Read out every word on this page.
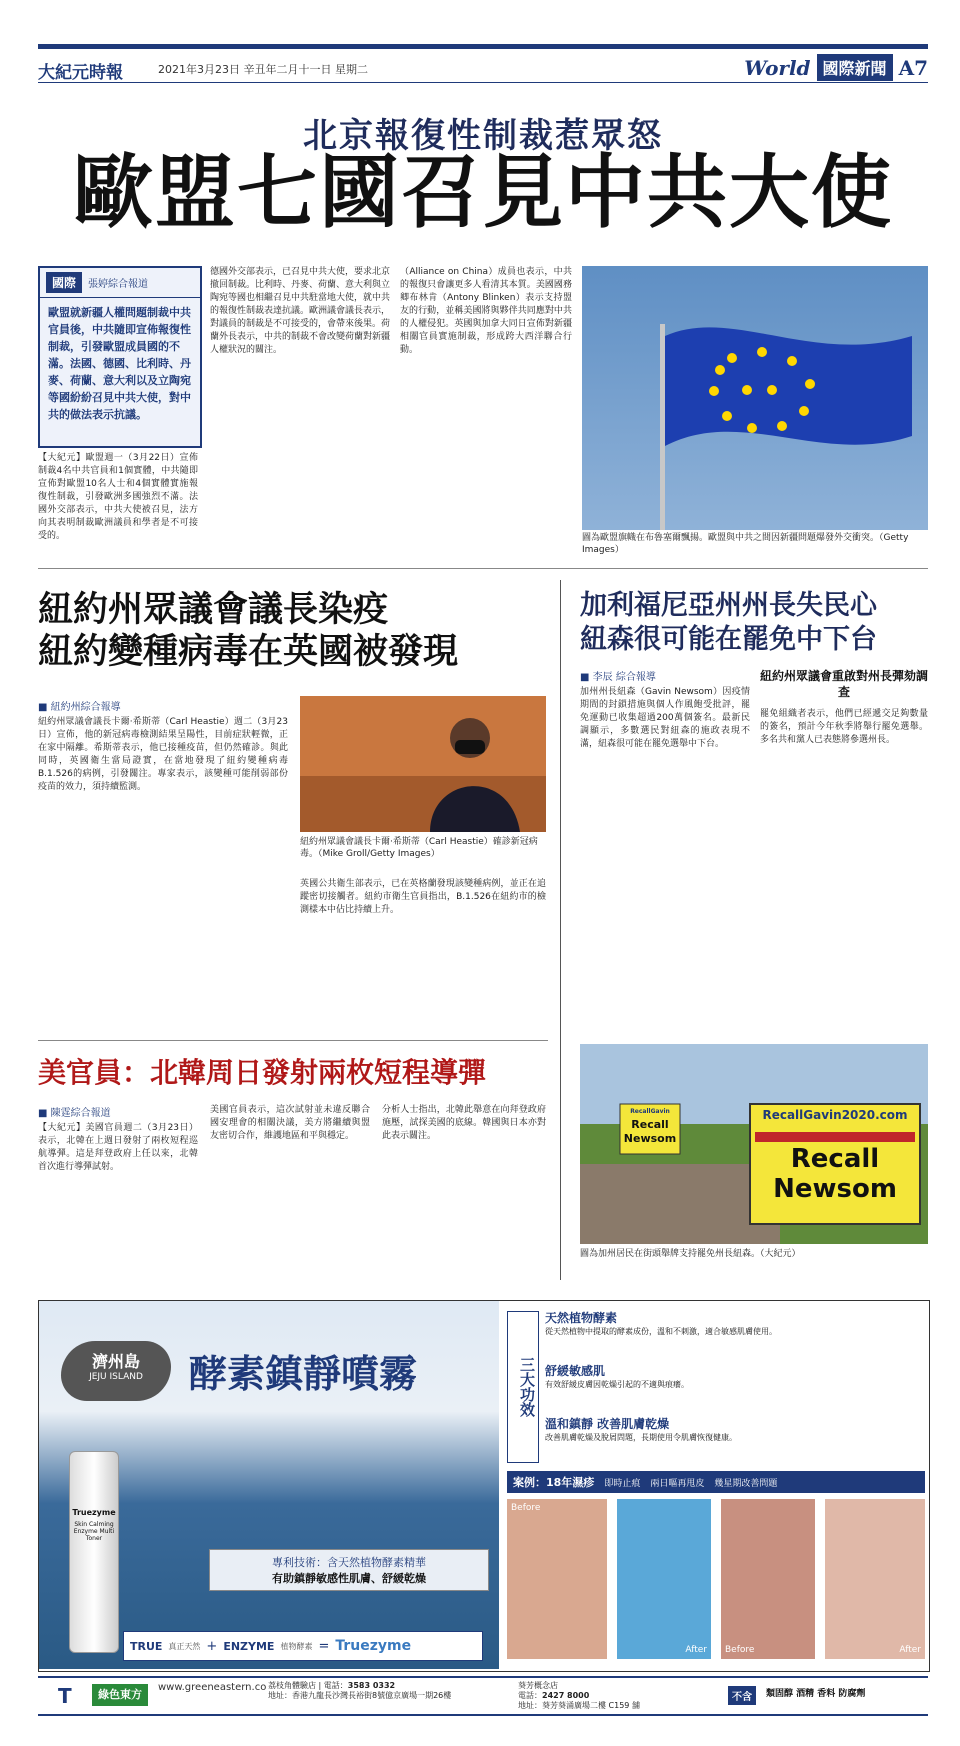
大紀元時報	2021年3月23日 辛丑年二月十一日 星期二	World 國際新聞 A7
北京報復性制裁惹眾怒
歐盟七國召見中共大使
國際	張婷綜合報道
歐盟就新疆人權問題制裁中共官員後，中共隨即宣佈報復性制裁，引發歐盟成員國的不滿。法國、德國、比利時、丹麥、荷蘭、意大利以及立陶宛等國紛紛召見中共大使，對中共的做法表示抗議。
【大紀元】歐盟週一（3月22日）宣佈制裁4名中共官員和1個實體，中共隨即宣佈對歐盟10名人士和4個實體實施報復性制裁，引發歐洲多國強烈不滿。法國外交部表示，中共大使被召見，法方向其表明制裁歐洲議員和學者是不可接受的。
德國外交部表示，已召見中共大使，要求北京撤回制裁。比利時、丹麥、荷蘭、意大利與立陶宛等國也相繼召見中共駐當地大使，就中共的報復性制裁表達抗議。歐洲議會議長表示，對議員的制裁是不可接受的，會帶來後果。荷蘭外長表示，中共的制裁不會改變荷蘭對新疆人權狀況的關注。
（Alliance on China）成員也表示，中共的報復只會讓更多人看清其本質。美國國務卿布林肯（Antony Blinken）表示支持盟友的行動，並稱美國將與夥伴共同應對中共的人權侵犯。英國與加拿大同日宣佈對新疆相關官員實施制裁，形成跨大西洋聯合行動。
圖為歐盟旗幟在布魯塞爾飄揚。歐盟與中共之間因新疆問題爆發外交衝突。（Getty Images）
紐約州眾議會議長染疫
紐約變種病毒在英國被發現
■ 紐約州綜合報導
紐約州眾議會議長卡爾·希斯蒂（Carl Heastie）週二（3月23日）宣佈，他的新冠病毒檢測結果呈陽性，目前症狀輕微，正在家中隔離。希斯蒂表示，他已接種疫苗，但仍然確診。與此同時，英國衛生當局證實，在當地發現了紐約變種病毒B.1.526的病例，引發關注。專家表示，該變種可能削弱部份疫苗的效力，須持續監測。
紐約州眾議會議長卡爾·希斯蒂（Carl Heastie）確診新冠病毒。（Mike Groll/Getty Images）
英國公共衛生部表示，已在英格蘭發現該變種病例，並正在追蹤密切接觸者。紐約市衛生官員指出，B.1.526在紐約市的檢測樣本中佔比持續上升。
加利福尼亞州州長失民心
紐森很可能在罷免中下台
■ 李辰 綜合報導
加州州長紐森（Gavin Newsom）因疫情期間的封鎖措施與個人作風飽受批評，罷免運動已收集超過200萬個簽名。最新民調顯示，多數選民對紐森的施政表現不滿，紐森很可能在罷免選舉中下台。
紐約州眾議會重啟對州長彈劾調查
罷免組織者表示，他們已經遞交足夠數量的簽名，預計今年秋季將舉行罷免選舉。多名共和黨人已表態將參選州長。
RecallGavin2020.com
Recall
Newsom
RecallGavin
Recall
Newsom
圖為加州居民在街頭舉牌支持罷免州長紐森。（大紀元）
美官員：北韓周日發射兩枚短程導彈
■ 陳霆綜合報道
【大紀元】美國官員週二（3月23日）表示，北韓在上週日發射了兩枚短程巡航導彈。這是拜登政府上任以來，北韓首次進行導彈試射。
美國官員表示，這次試射並未違反聯合國安理會的相關決議，美方將繼續與盟友密切合作，維護地區和平與穩定。
分析人士指出，北韓此舉意在向拜登政府施壓，試探美國的底線。韓國與日本亦對此表示關注。
濟州島
JEJU ISLAND	酵素鎮靜噴霧
Truezyme
Skin Calming Enzyme Multi Toner
專利技術：含天然植物酵素精華
有助鎮靜敏感性肌膚、舒緩乾燥
TRUE 真正天然 + ENZYME 植物酵素 = Truezyme
三大功效
天然植物酵素
從天然植物中提取的酵素成份，溫和不刺激，適合敏感肌膚使用。
舒緩敏感肌
有效舒緩皮膚因乾燥引起的不適與痕癢。
溫和鎮靜 改善肌膚乾燥
改善肌膚乾燥及脫屑問題，長期使用令肌膚恢復健康。
案例：18年濕疹 即時止痕 兩日嘔再甩皮 幾星期改善問題
Before
After Before	After
T	綠色東方
www.greeneastern.co 荔枝角體驗店 | 電話：3583 0332
地址：香港九龍長沙灣長裕街8號億京廣場一期26樓
葵芳概念店
電話：2427 8000
地址：葵芳葵涌廣場二樓 C159 舖
不含	類固醇 酒精 香料 防腐劑
